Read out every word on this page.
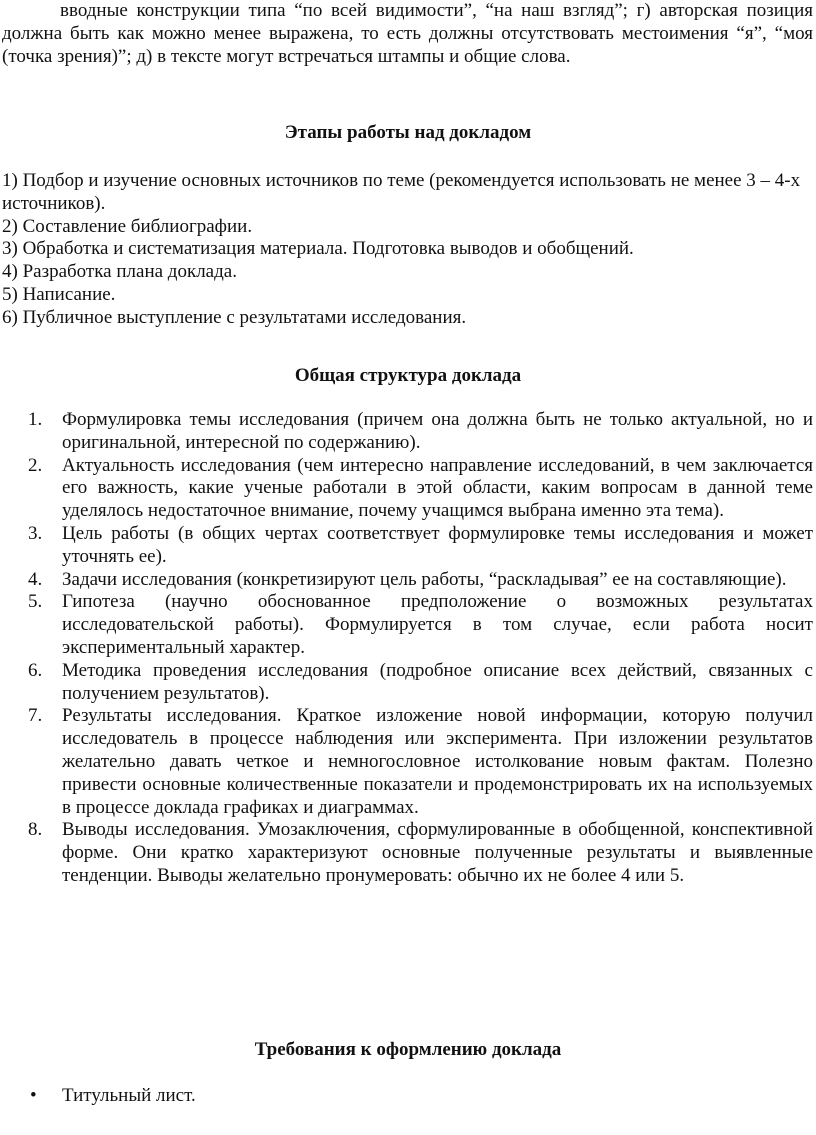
вводные конструкции типа “по всей видимости”, “на наш взгляд”; г) авторская позиция должна быть как можно менее выражена, то есть должны отсутствовать местоимения “я”, “моя (точка зрения)”; д) в тексте могут встречаться штампы и общие слова.
Этапы работы над докладом
1) Подбор и изучение основных источников по теме (рекомендуется использовать не менее 3 – 4-х источников).
2) Составление библиографии.
3) Обработка и систематизация материала. Подготовка выводов и обобщений.
4) Разработка плана доклада.
5) Написание.
6) Публичное выступление с результатами исследования.
Общая структура доклада
1. Формулировка темы исследования (причем она должна быть не только актуальной, но и оригинальной, интересной по содержанию).
2. Актуальность исследования (чем интересно направление исследований, в чем заключается его важность, какие ученые работали в этой области, каким вопросам в данной теме уделялось недостаточное внимание, почему учащимся выбрана именно эта тема).
3. Цель работы (в общих чертах соответствует формулировке темы исследования и может уточнять ее).
4. Задачи исследования (конкретизируют цель работы, “раскладывая” ее на составляющие).
5. Гипотеза (научно обоснованное предположение о возможных результатах исследовательской работы). Формулируется в том случае, если работа носит экспериментальный характер.
6. Методика проведения исследования (подробное описание всех действий, связанных с получением результатов).
7. Результаты исследования. Краткое изложение новой информации, которую получил исследователь в процессе наблюдения или эксперимента. При изложении результатов желательно давать четкое и немногословное истолкование новым фактам. Полезно привести основные количественные показатели и продемонстрировать их на используемых в процессе доклада графиках и диаграммах.
8. Выводы исследования. Умозаключения, сформулированные в обобщенной, конспективной форме. Они кратко характеризуют основные полученные результаты и выявленные тенденции. Выводы желательно пронумеровать: обычно их не более 4 или 5.
Требования к оформлению доклада
• Титульный лист.
